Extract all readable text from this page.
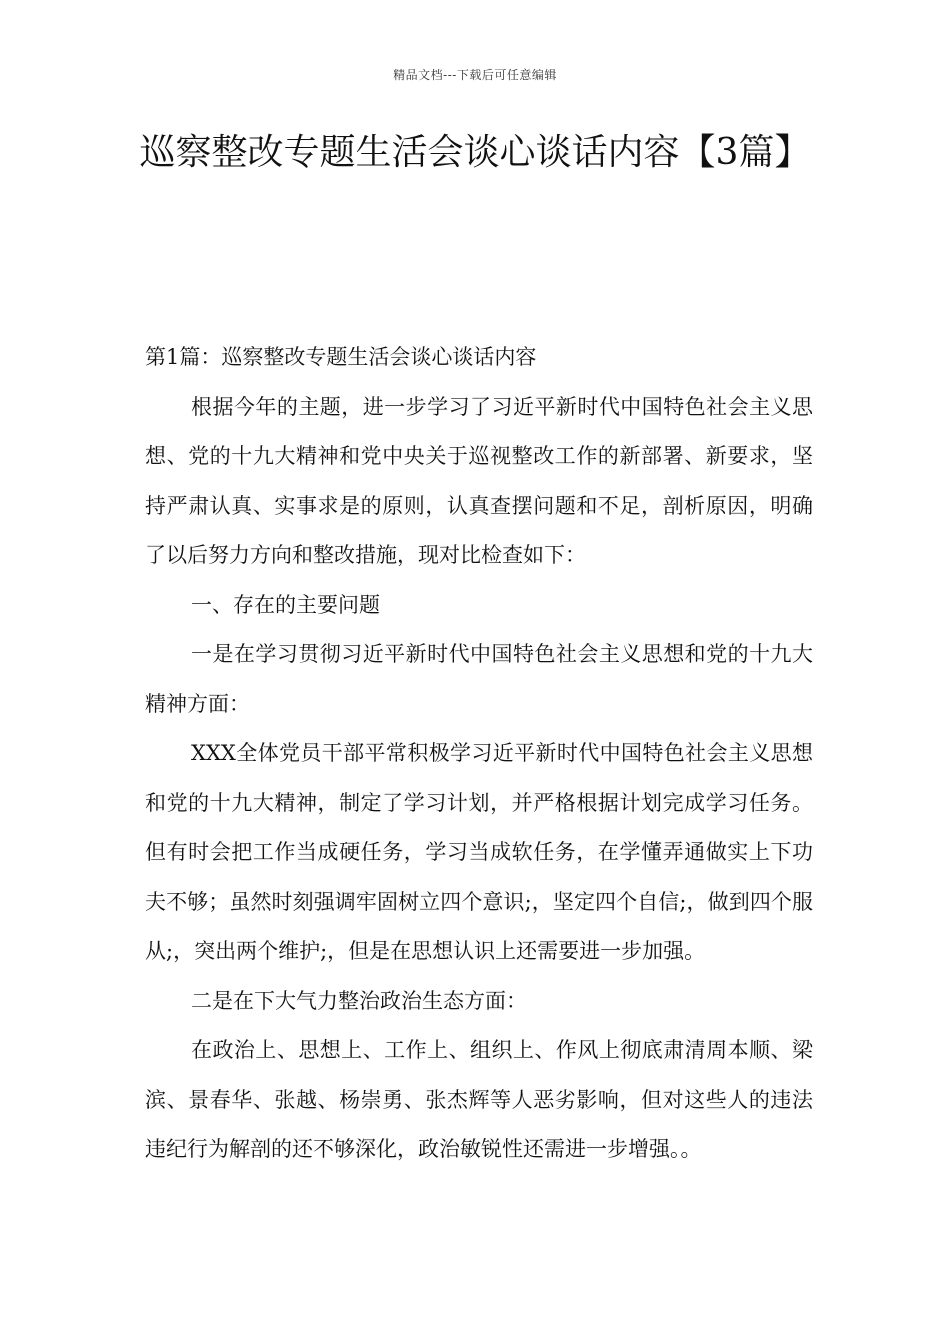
精品文档---下载后可任意编辑
巡察整改专题生活会谈心谈话内容【3篇】

第1篇：巡察整改专题生活会谈心谈话内容

根据今年的主题，进一步学习了习近平新时代中国特色社会主义思想、党的十九大精神和党中央关于巡视整改工作的新部署、新要求，坚持严肃认真、实事求是的原则，认真查摆问题和不足，剖析原因，明确了以后努力方向和整改措施，现对比检查如下：

一、存在的主要问题

一是在学习贯彻习近平新时代中国特色社会主义思想和党的十九大精神方面：

XXX全体党员干部平常积极学习近平新时代中国特色社会主义思想和党的十九大精神，制定了学习计划，并严格根据计划完成学习任务。但有时会把工作当成硬任务，学习当成软任务，在学懂弄通做实上下功夫不够；虽然时刻强调牢固树立四个意识;，坚定四个自信;，做到四个服从;，突出两个维护;，但是在思想认识上还需要进一步加强。

二是在下大气力整治政治生态方面：

在政治上、思想上、工作上、组织上、作风上彻底肃清周本顺、梁滨、景春华、张越、杨崇勇、张杰辉等人恶劣影响，但对这些人的违法违纪行为解剖的还不够深化，政治敏锐性还需进一步增强。。
